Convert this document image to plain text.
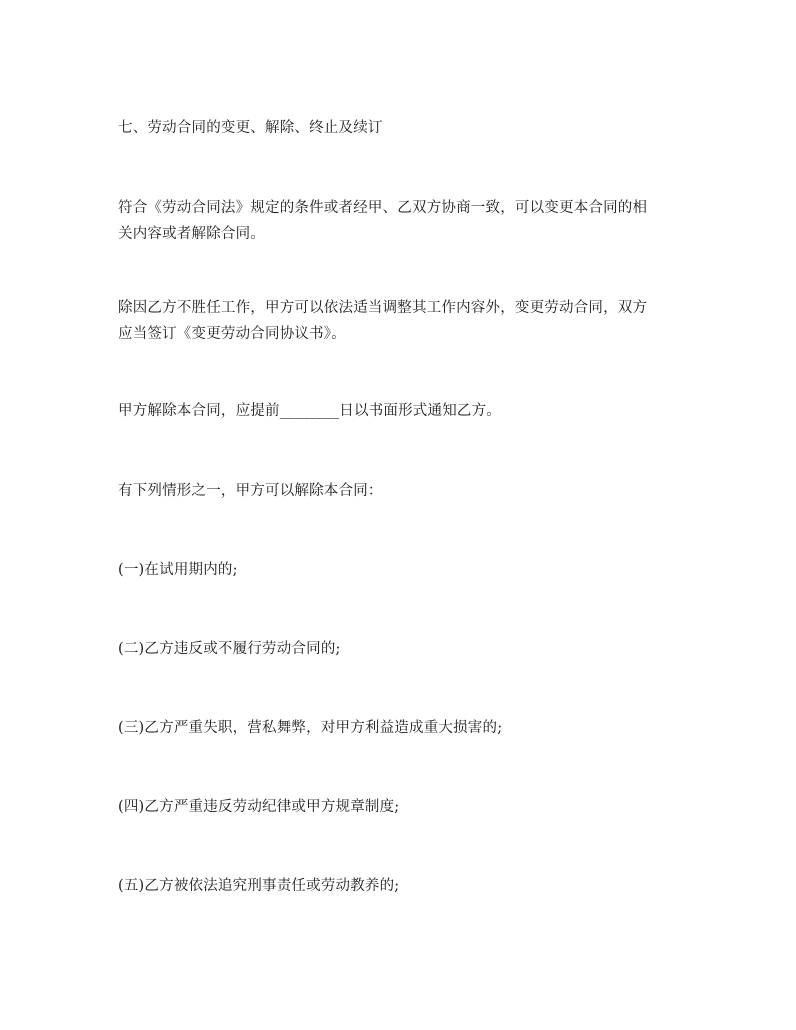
七、劳动合同的变更、解除、终止及续订

符合《劳动合同法》规定的条件或者经甲、乙双方协商一致，可以变更本合同的相
关内容或者解除合同。

除因乙方不胜任工作，甲方可以依法适当调整其工作内容外，变更劳动合同，双方
应当签订《变更劳动合同协议书》。

甲方解除本合同，应提前________日以书面形式通知乙方。

有下列情形之一，甲方可以解除本合同：

(一)在试用期内的;

(二)乙方违反或不履行劳动合同的;

(三)乙方严重失职，营私舞弊，对甲方利益造成重大损害的;

(四)乙方严重违反劳动纪律或甲方规章制度;

(五)乙方被依法追究刑事责任或劳动教养的;
